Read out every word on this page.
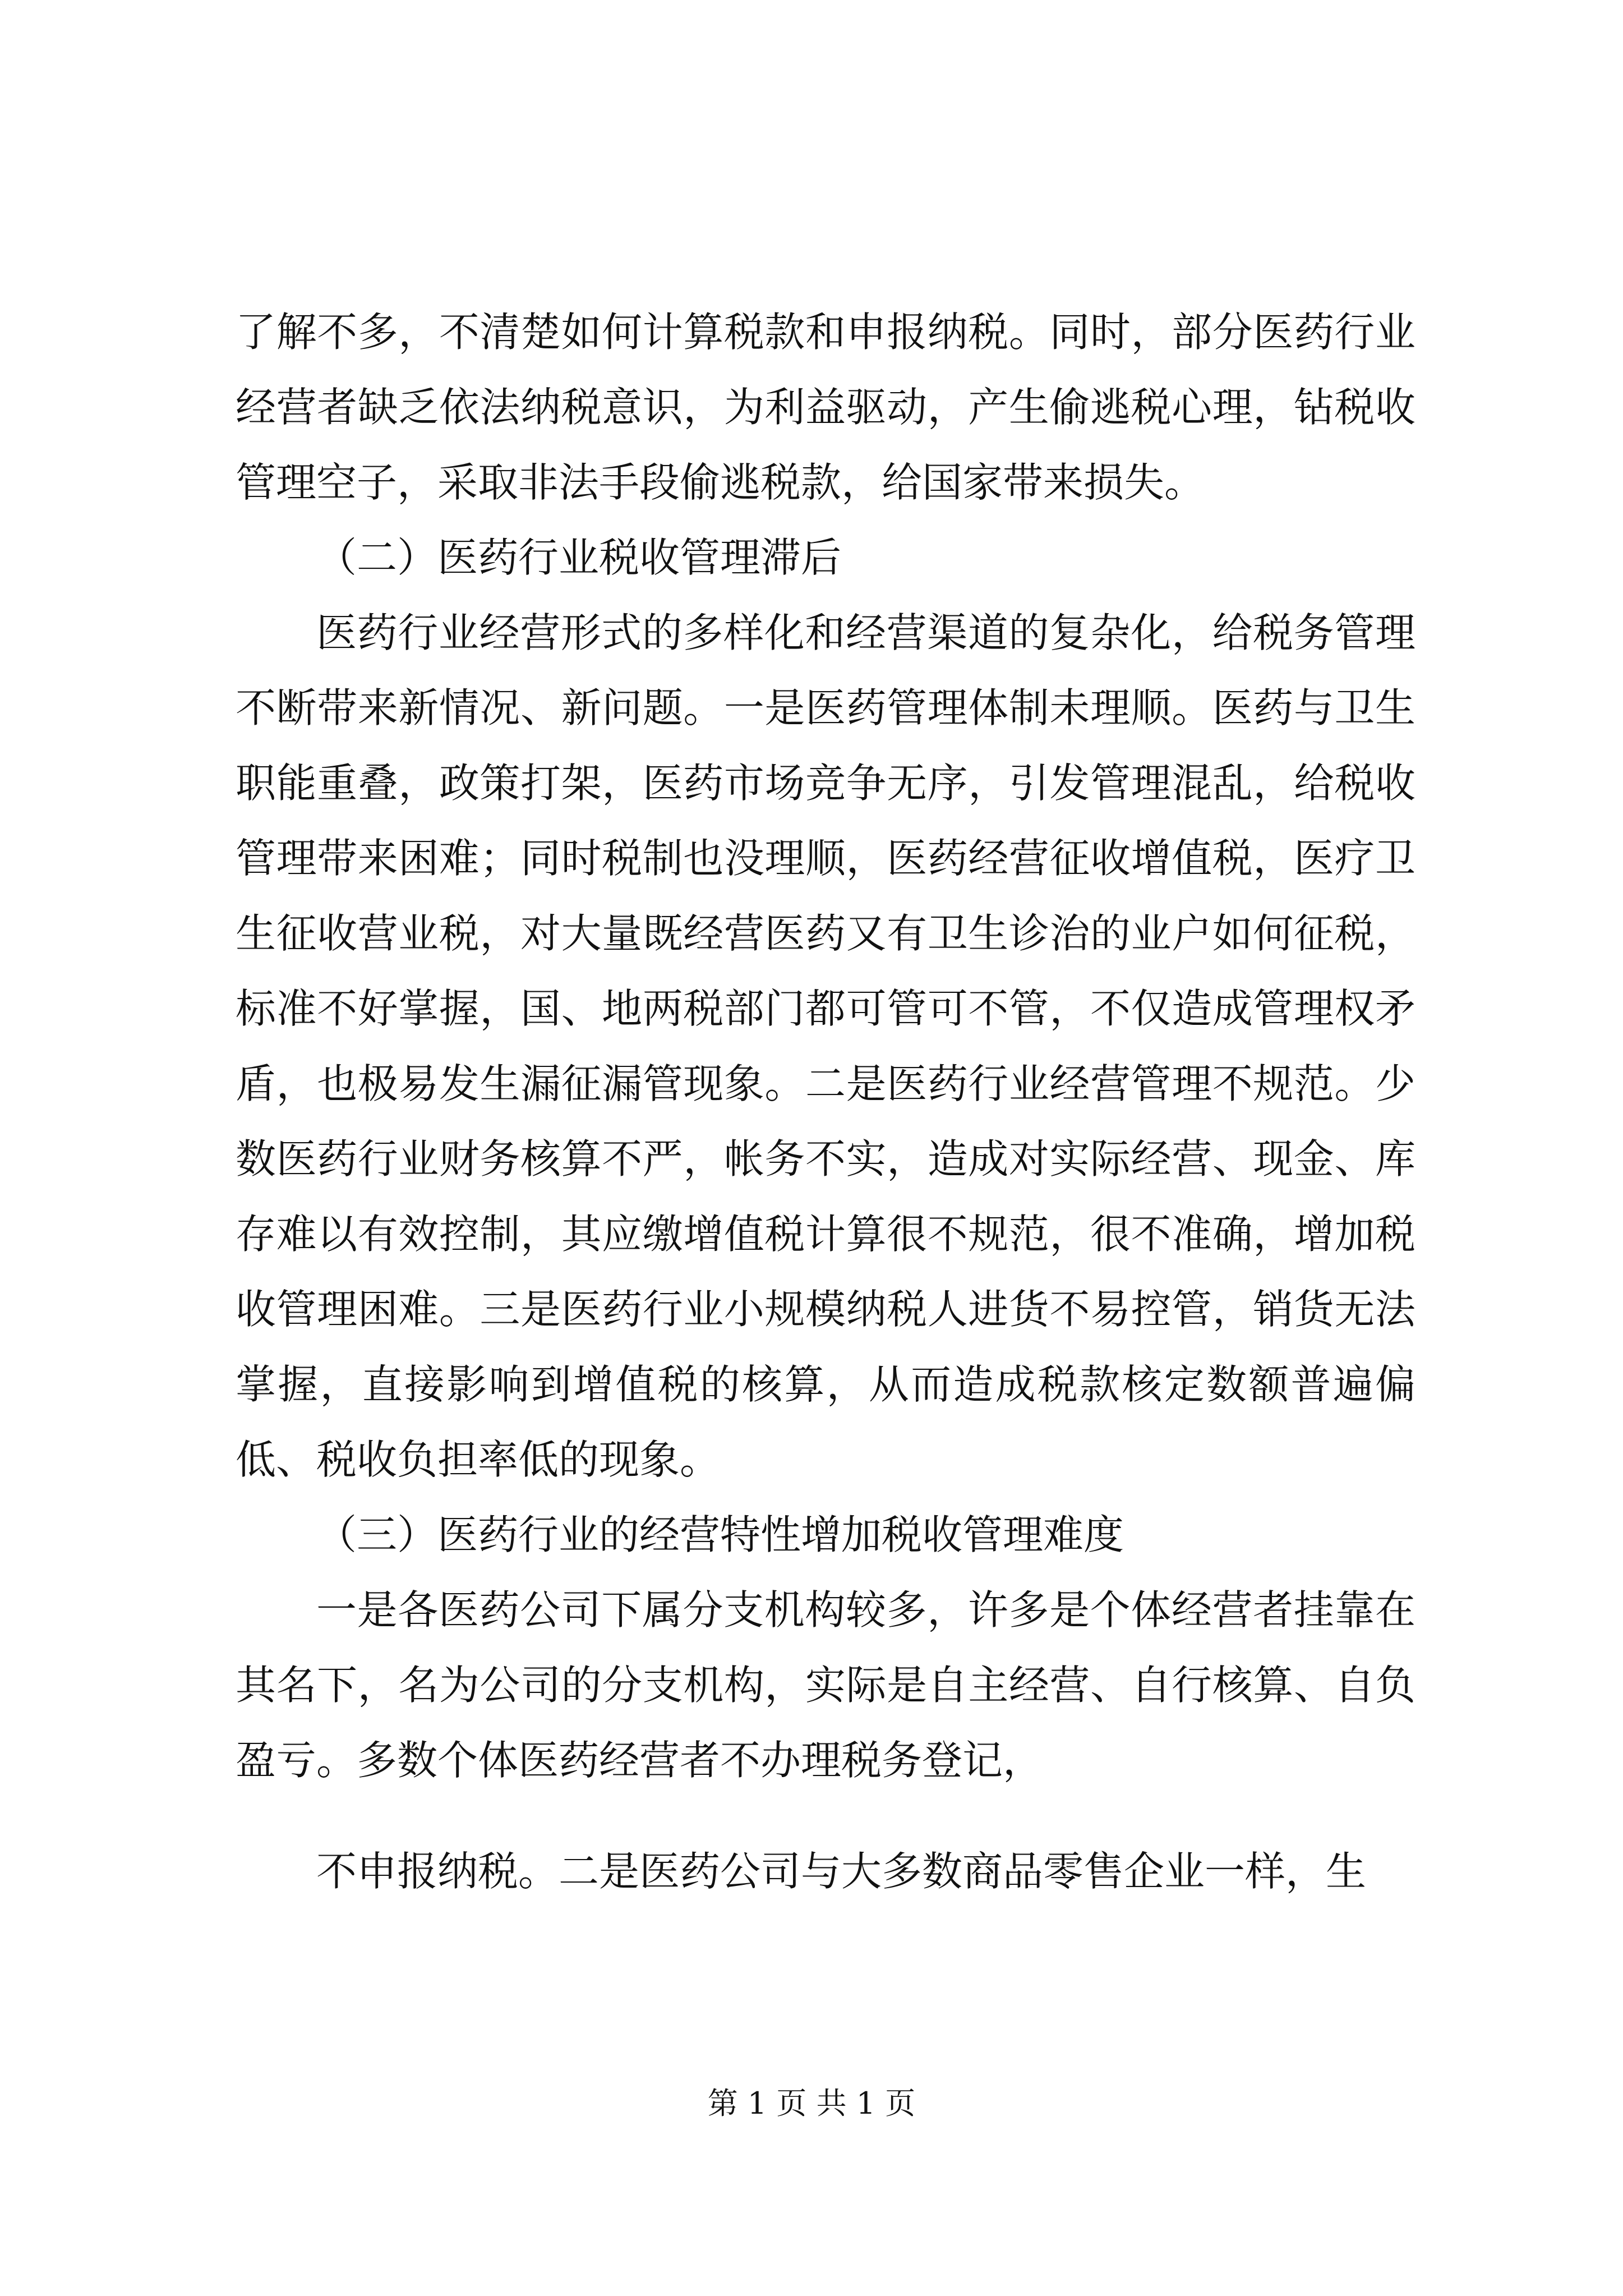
了解不多，不清楚如何计算税款和申报纳税。同时，部分医药行业经营者缺乏依法纳税意识，为利益驱动，产生偷逃税心理，钻税收管理空子，采取非法手段偷逃税款，给国家带来损失。

（二）医药行业税收管理滞后

医药行业经营形式的多样化和经营渠道的复杂化，给税务管理不断带来新情况、新问题。一是医药管理体制未理顺。医药与卫生职能重叠，政策打架，医药市场竞争无序，引发管理混乱，给税收管理带来困难；同时税制也没理顺，医药经营征收增值税，医疗卫生征收营业税，对大量既经营医药又有卫生诊治的业户如何征税，标准不好掌握，国、地两税部门都可管可不管，不仅造成管理权矛盾，也极易发生漏征漏管现象。二是医药行业经营管理不规范。少数医药行业财务核算不严，帐务不实，造成对实际经营、现金、库存难以有效控制，其应缴增值税计算很不规范，很不准确，增加税收管理困难。三是医药行业小规模纳税人进货不易控管，销货无法掌握，直接影响到增值税的核算，从而造成税款核定数额普遍偏低、税收负担率低的现象。

（三）医药行业的经营特性增加税收管理难度

一是各医药公司下属分支机构较多，许多是个体经营者挂靠在其名下，名为公司的分支机构，实际是自主经营、自行核算、自负盈亏。多数个体医药经营者不办理税务登记，

不申报纳税。二是医药公司与大多数商品零售企业一样，生

第 1 页 共 1 页
